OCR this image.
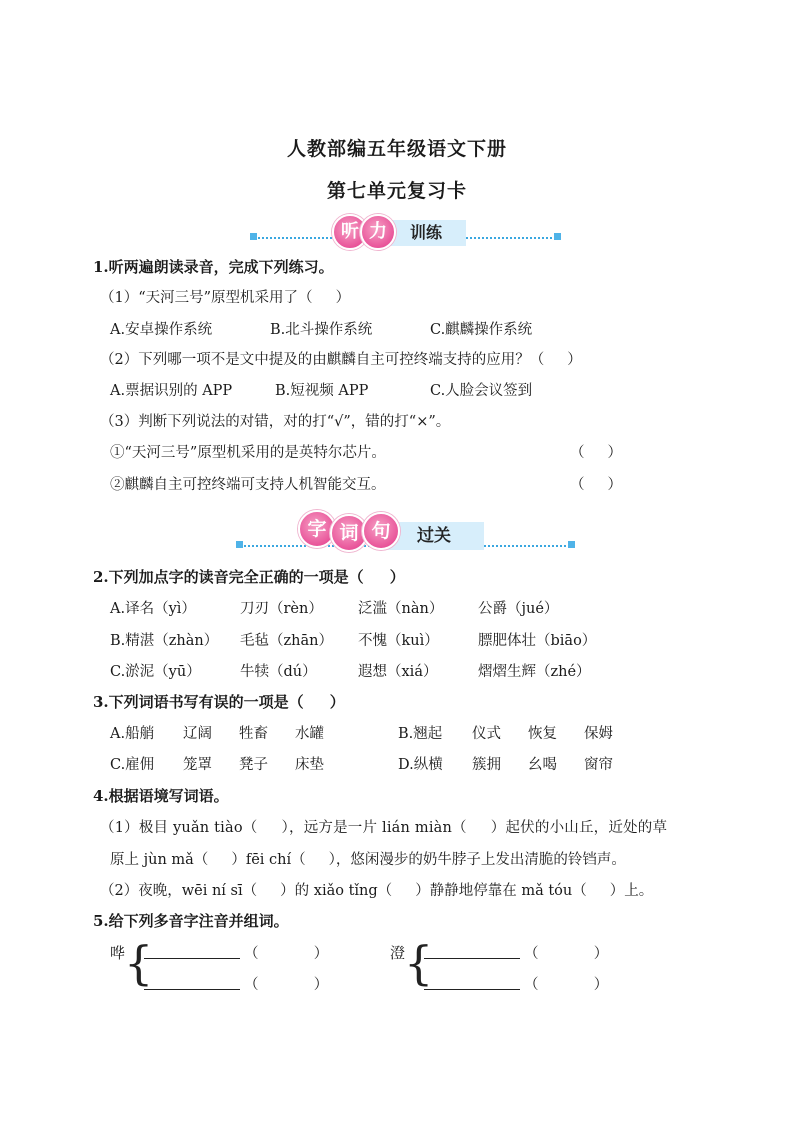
人教部编五年级语文下册
第七单元复习卡
训练
听 力
1.听两遍朗读录音，完成下列练习。
（1）“天河三号”原型机采用了（     ）
A.安卓操作系统	B.北斗操作系统	C.麒麟操作系统
（2）下列哪一项不是文中提及的由麒麟自主可控终端支持的应用？（     ）
A.票据识别的 APP	B.短视频 APP	C.人脸会议签到
（3）判断下列说法的对错，对的打“√”，错的打“×”。
①“天河三号”原型机采用的是英特尔芯片。	（     ）
②麒麟自主可控终端可支持人机智能交互。	（     ）
过关
字 词 句
2.下列加点字的读音完全正确的一项是（     ）
A.译名（yì）	刀刃（rèn） 泛滥（nàn） 公爵（jué）
B.精湛（zhàn） 毛毡（zhān） 不愧（kuì）	膘肥体壮（biāo）
C.淤泥（yū）	牛犊（dú）	遐想（xiá）	熠熠生辉（zhé）
3.下列词语书写有误的一项是（     ）
A.船艄 辽阔 牲畜 水罐	B.翘起 仪式 恢复 保姆
C.雇佣 笼罩 凳子 床垫	D.纵横 簇拥 幺喝 窗帘
4.根据语境写词语。
（1）极目 yuǎn tiào（     ），远方是一片 lián miàn（     ）起伏的小山丘，近处的草
原上 jùn mǎ（     ）fēi chí（     ），悠闲漫步的奶牛脖子上发出清脆的铃铛声。
（2）夜晚，wēi ní sī（     ）的 xiǎo tǐng（     ）静静地停靠在 mǎ tóu（     ）上。
5.给下列多音字注音并组词。
哗
{	（            ）
（            ）
澄
{	（            ）
（            ）
